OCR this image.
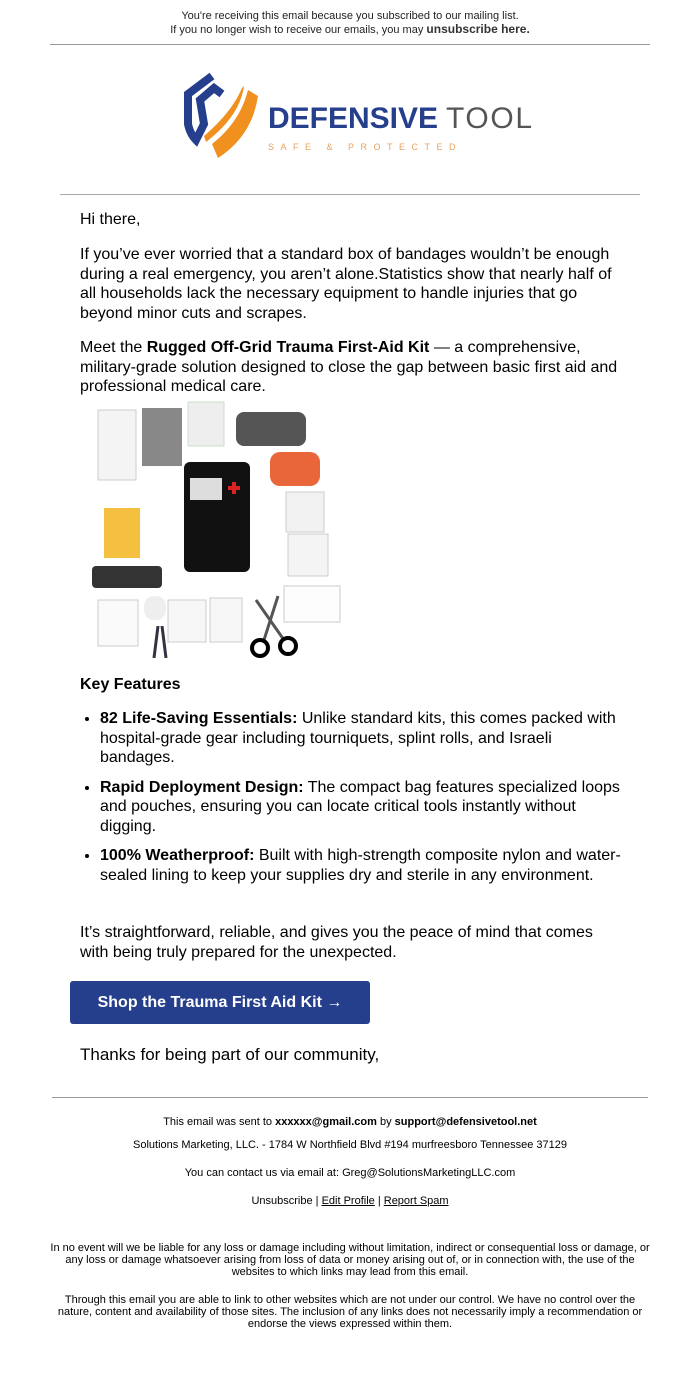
You're receiving this email because you subscribed to our mailing list.
If you no longer wish to receive our emails, you may unsubscribe here.
DEFENSIVE TOOL
SAFE & PROTECTED
Hi there,
If you’ve ever worried that a standard box of bandages wouldn’t be enough during a real emergency, you aren’t alone.Statistics show that nearly half of all households lack the necessary equipment to handle injuries that go beyond minor cuts and scrapes.
Meet the Rugged Off-Grid Trauma First-Aid Kit — a comprehensive, military-grade solution designed to close the gap between basic first aid and professional medical care.
Key Features
• 82 Life-Saving Essentials: Unlike standard kits, this comes packed with hospital-grade gear including tourniquets, splint rolls, and Israeli bandages.
• Rapid Deployment Design: The compact bag features specialized loops and pouches, ensuring you can locate critical tools instantly without digging.
• 100% Weatherproof: Built with high-strength composite nylon and water-sealed lining to keep your supplies dry and sterile in any environment.
It’s straightforward, reliable, and gives you the peace of mind that comes with being truly prepared for the unexpected.
Shop the Trauma First Aid Kit →
Thanks for being part of our community,
This email was sent to xxxxxx@gmail.com by support@defensivetool.net
Solutions Marketing, LLC. - 1784 W Northfield Blvd #194 murfreesboro Tennessee 37129
You can contact us via email at: Greg@SolutionsMarketingLLC.com
Unsubscribe | Edit Profile | Report Spam
In no event will we be liable for any loss or damage including without limitation, indirect or consequential loss or damage, or any loss or damage whatsoever arising from loss of data or money arising out of, or in connection with, the use of the websites to which links may lead from this email.
Through this email you are able to link to other websites which are not under our control. We have no control over the nature, content and availability of those sites. The inclusion of any links does not necessarily imply a recommendation or endorse the views expressed within them.
